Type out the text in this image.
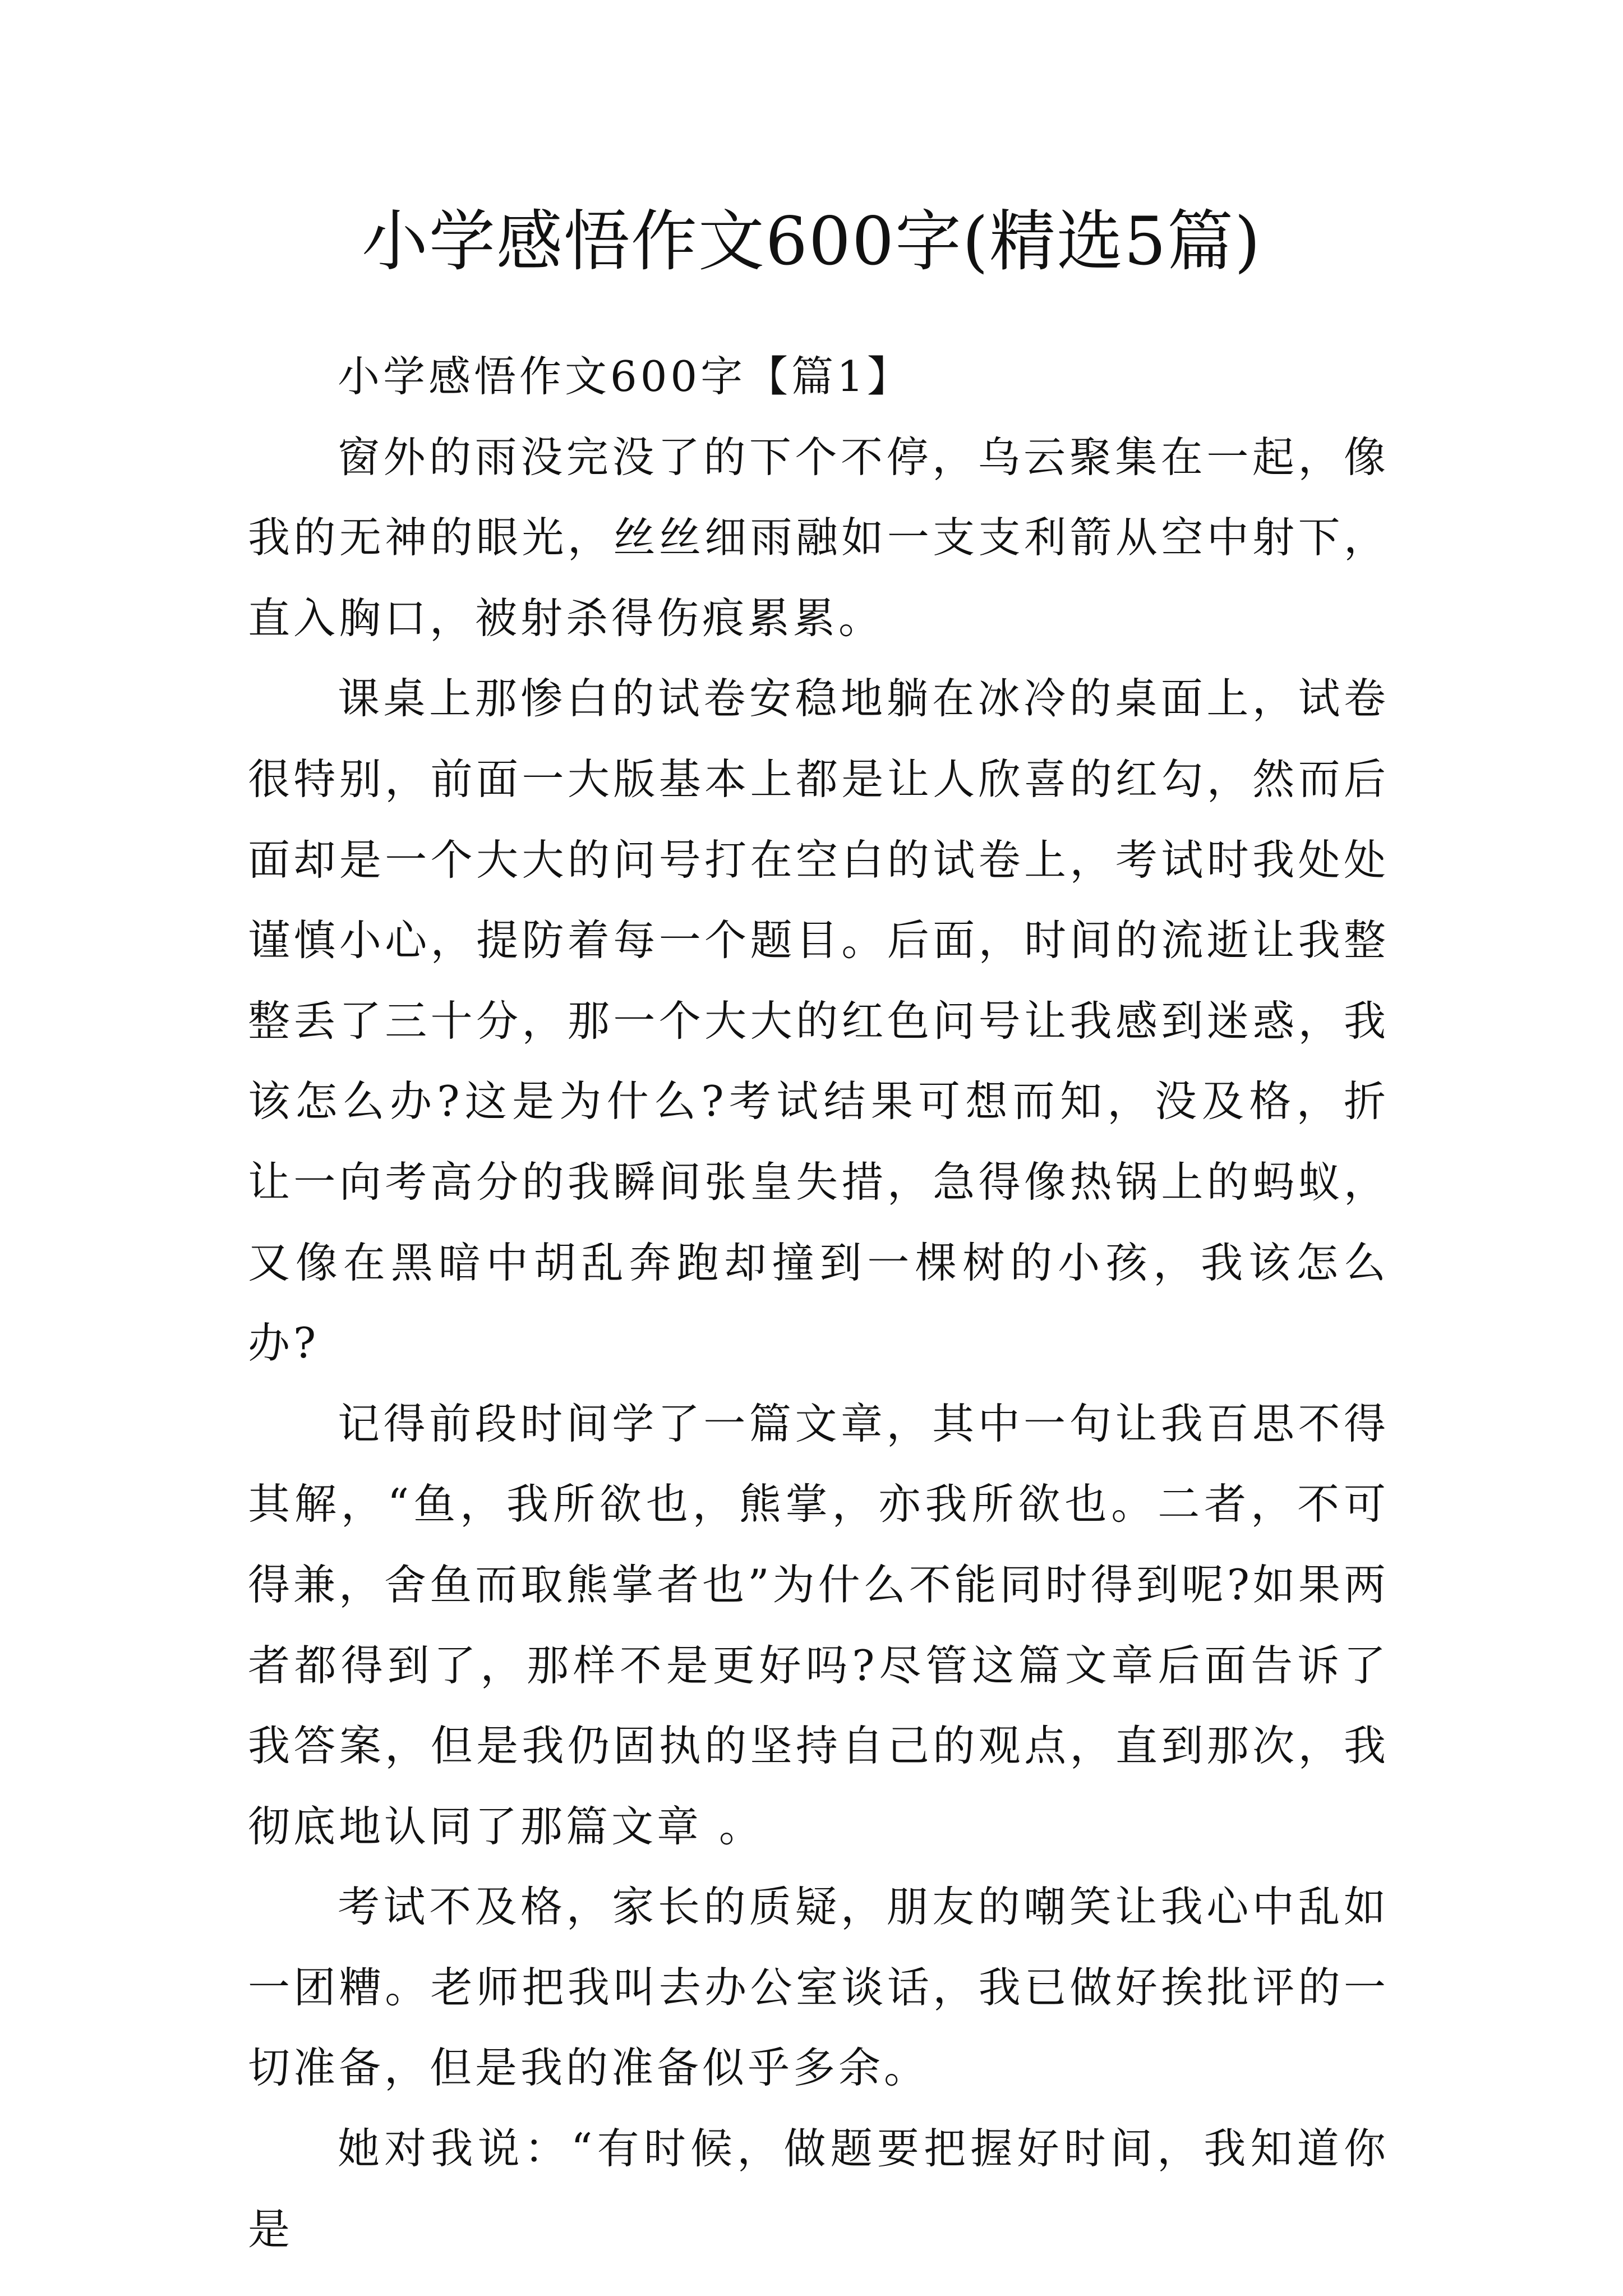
小学感悟作文600字(精选5篇)

小学感悟作文600字【篇1】

窗外的雨没完没了的下个不停，乌云聚集在一起，像我的无神的眼光，丝丝细雨融如一支支利箭从空中射下，直入胸口，被射杀得伤痕累累。

课桌上那惨白的试卷安稳地躺在冰冷的桌面上，试卷很特别，前面一大版基本上都是让人欣喜的红勾，然而后面却是一个大大的问号打在空白的试卷上，考试时我处处谨慎小心，提防着每一个题目。后面，时间的流逝让我整整丢了三十分，那一个大大的红色问号让我感到迷惑，我该怎么办?这是为什么?考试结果可想而知，没及格，折让一向考高分的我瞬间张皇失措，急得像热锅上的蚂蚁，又像在黑暗中胡乱奔跑却撞到一棵树的小孩，我该怎么办?

记得前段时间学了一篇文章，其中一句让我百思不得其解，“鱼，我所欲也，熊掌，亦我所欲也。二者，不可得兼，舍鱼而取熊掌者也”为什么不能同时得到呢?如果两者都得到了，那样不是更好吗?尽管这篇文章后面告诉了我答案，但是我仍固执的坚持自己的观点，直到那次，我彻底地认同了那篇文章 。

考试不及格，家长的质疑，朋友的嘲笑让我心中乱如一团糟。老师把我叫去办公室谈话，我已做好挨批评的一切准备，但是我的准备似乎多余。

她对我说：“有时候，做题要把握好时间，我知道你是
